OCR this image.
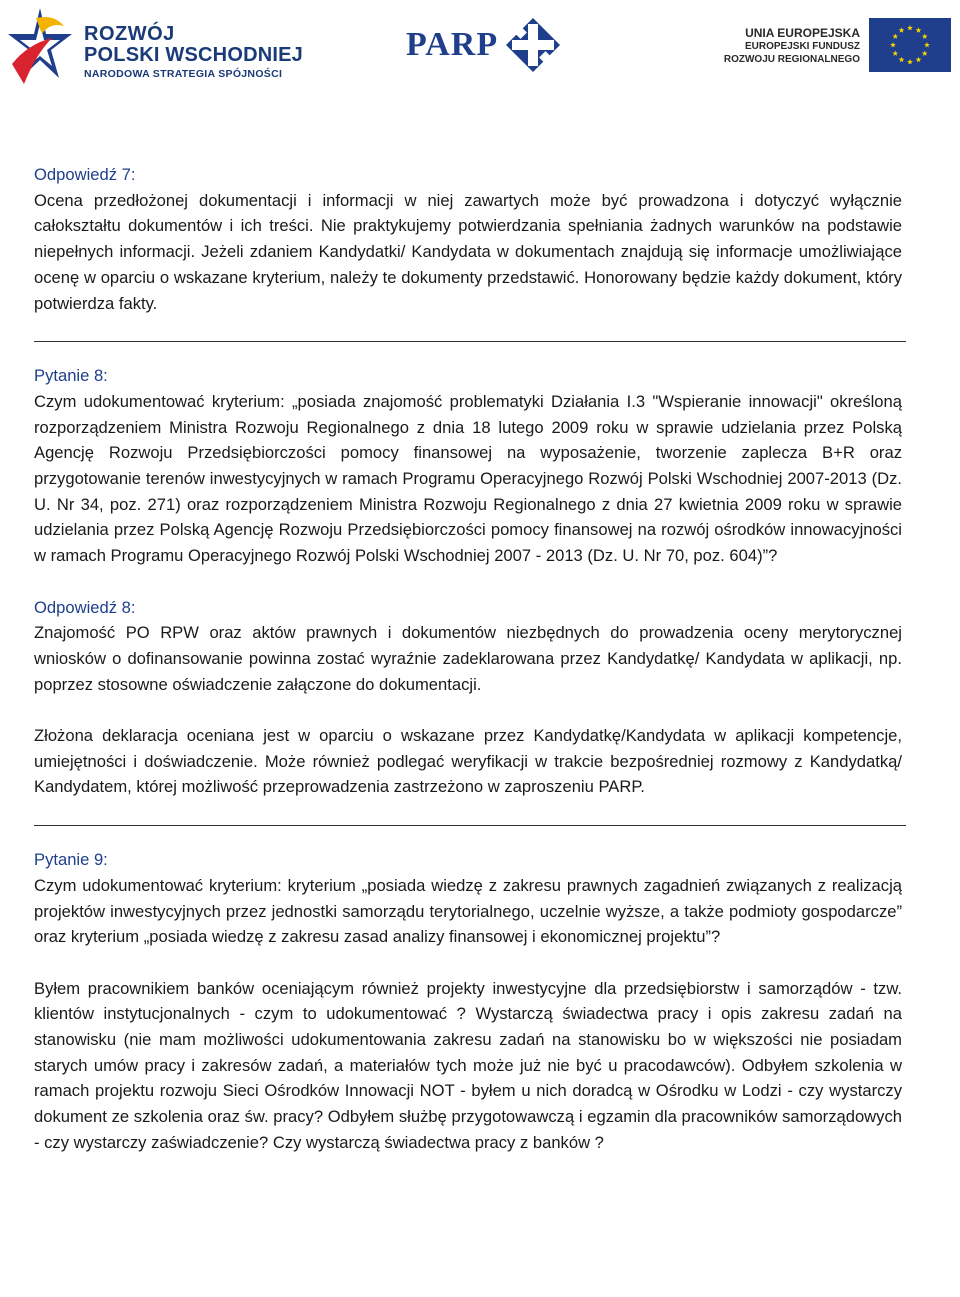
ROZWÓJ
POLSKI WSCHODNIEJ
NARODOWA STRATEGIA SPÓJNOŚCI
PARP	UNIA EUROPEJSKA
EUROPEJSKI FUNDUSZ
ROZWOJU REGIONALNEGO

Odpowiedź 7:

Ocena przedłożonej dokumentacji i informacji w niej zawartych może być prowadzona i dotyczyć wyłącznie całokształtu dokumentów i ich treści. Nie praktykujemy potwierdzania spełniania żadnych warunków na podstawie niepełnych informacji. Jeżeli zdaniem Kandydatki/ Kandydata w dokumentach znajdują się informacje umożliwiające ocenę w oparciu o wskazane kryterium, należy te dokumenty przedstawić. Honorowany będzie każdy dokument, który potwierdza fakty.

Pytanie 8:

Czym udokumentować kryterium: „posiada znajomość problematyki Działania I.3 "Wspieranie innowacji" określoną rozporządzeniem Ministra Rozwoju Regionalnego z dnia 18 lutego 2009 roku w sprawie udzielania przez Polską Agencję Rozwoju Przedsiębiorczości pomocy finansowej na wyposażenie, tworzenie zaplecza B+R oraz przygotowanie terenów inwestycyjnych w ramach Programu Operacyjnego Rozwój Polski Wschodniej 2007-2013 (Dz. U. Nr 34, poz. 271) oraz rozporządzeniem Ministra Rozwoju Regionalnego z dnia 27 kwietnia 2009 roku w sprawie udzielania przez Polską Agencję Rozwoju Przedsiębiorczości pomocy finansowej na rozwój ośrodków innowacyjności w ramach Programu Operacyjnego Rozwój Polski Wschodniej 2007 - 2013 (Dz. U. Nr 70, poz. 604)”?

Odpowiedź 8:

Znajomość PO RPW oraz aktów prawnych i dokumentów niezbędnych do prowadzenia oceny merytorycznej wniosków o dofinansowanie powinna zostać wyraźnie zadeklarowana przez Kandydatkę/ Kandydata w aplikacji, np. poprzez stosowne oświadczenie załączone do dokumentacji.

Złożona deklaracja oceniana jest w oparciu o wskazane przez Kandydatkę/Kandydata w aplikacji kompetencje, umiejętności i doświadczenie. Może również podlegać weryfikacji w trakcie bezpośredniej rozmowy z Kandydatką/ Kandydatem, której możliwość przeprowadzenia zastrzeżono w zaproszeniu PARP.

Pytanie 9:

Czym udokumentować kryterium: kryterium „posiada wiedzę z zakresu prawnych zagadnień związanych z realizacją projektów inwestycyjnych przez jednostki samorządu terytorialnego, uczelnie wyższe, a także podmioty gospodarcze” oraz kryterium „posiada wiedzę z zakresu zasad analizy finansowej i ekonomicznej projektu”?

Byłem pracownikiem banków oceniającym również projekty inwestycyjne dla przedsiębiorstw i samorządów - tzw. klientów instytucjonalnych - czym to udokumentować ? Wystarczą świadectwa pracy i opis zakresu zadań na stanowisku (nie mam możliwości udokumentowania zakresu zadań na stanowisku bo w większości nie posiadam starych umów pracy i zakresów zadań, a materiałów tych może już nie być u pracodawców). Odbyłem szkolenia w ramach projektu rozwoju Sieci Ośrodków Innowacji NOT - byłem u nich doradcą w Ośrodku w Lodzi - czy wystarczy dokument ze szkolenia oraz św. pracy? Odbyłem służbę przygotowawczą i egzamin dla pracowników samorządowych - czy wystarczy zaświadczenie? Czy wystarczą świadectwa pracy z banków ?
